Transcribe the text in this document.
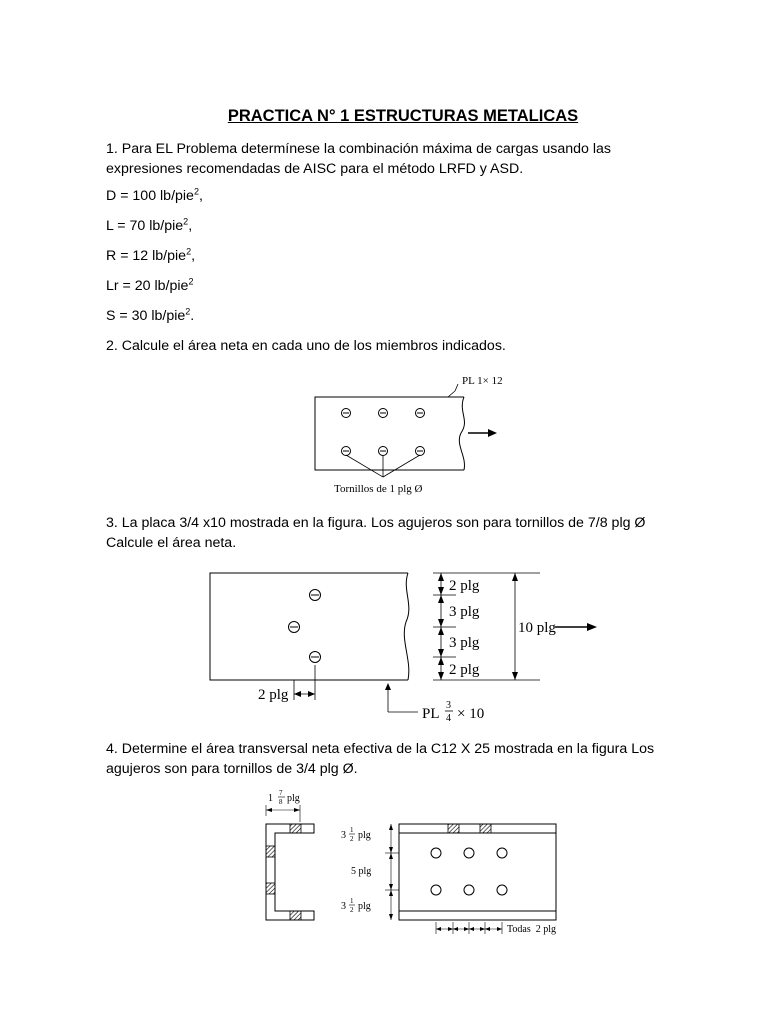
PRACTICA N° 1 ESTRUCTURAS METALICAS

1. Para EL Problema determínese la combinación máxima de cargas usando las expresiones recomendadas de AISC para el método LRFD y ASD.

D = 100 lb/pie$^2$,
L = 70 lb/pie$^2$,
R = 12 lb/pie$^2$,
Lr = 20 lb/pie$^2$
S = 30 lb/pie$^2$.
2. Calcule el área neta en cada uno de los miembros indicados.
PL 1× 12
Tornillos de 1 plg Ø

3. La placa 3/4 x10 mostrada en la figura. Los agujeros son para tornillos de 7/8 plg Ø Calcule el área neta.

2 plg
3 plg
3 plg
2 plg
10 plg
2 plg
PL
3
4 × 10

4. Determine el área transversal neta efectiva de la C12 X 25 mostrada en la figura Los agujeros son para tornillos de 3/4 plg Ø.

1 7
8 plg
3 1
2 plg
5 plg
3 1
2 plg
Todas  2 plg
